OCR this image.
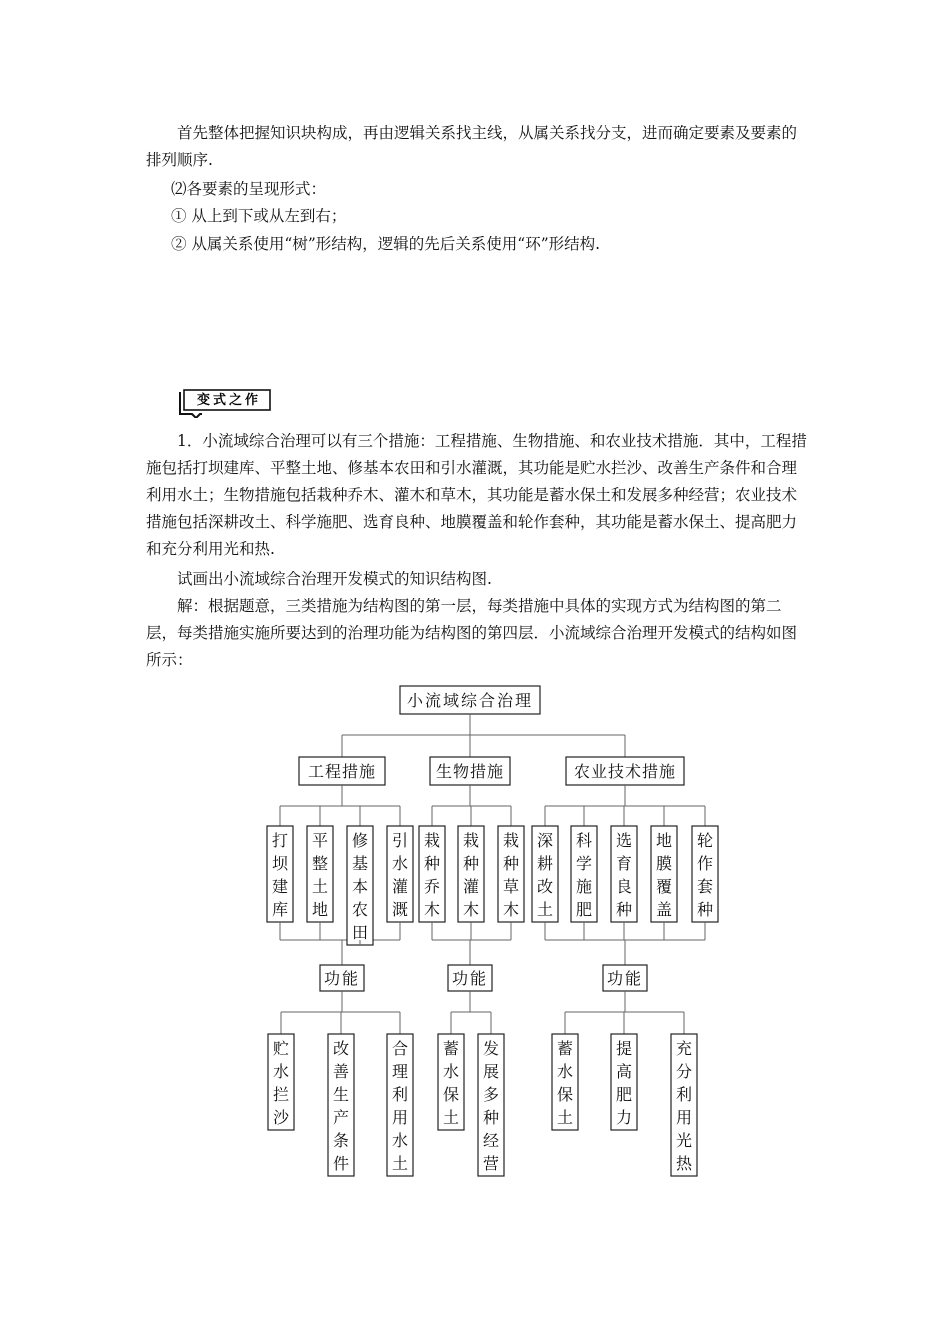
首先整体把握知识块构成，再由逻辑关系找主线，从属关系找分支，进而确定要素及要素的排列顺序.

⑵各要素的呈现形式：

① 从上到下或从左到右；

② 从属关系使用“树”形结构，逻辑的先后关系使用“环”形结构.

变式之作

1．小流域综合治理可以有三个措施：工程措施、生物措施、和农业技术措施．其中，工程措施包括打坝建库、平整土地、修基本农田和引水灌溉，其功能是贮水拦沙、改善生产条件和合理利用水土；生物措施包括栽种乔木、灌木和草木，其功能是蓄水保土和发展多种经营；农业技术措施包括深耕改土、科学施肥、选育良种、地膜覆盖和轮作套种，其功能是蓄水保土、提高肥力和充分利用光和热.

试画出小流域综合治理开发模式的知识结构图.

解：根据题意，三类措施为结构图的第一层，每类措施中具体的实现方式为结构图的第二层，每类措施实施所要达到的治理功能为结构图的第四层．小流域综合治理开发模式的结构如图所示：

小流域综合治理
工程措施
打
坝
建
库
平
整
土
地
修
基
本
农
田
引
水
灌
溉
功能
贮
水
拦
沙
改
善
生
产
条
件
合
理
利
用
水
土
生物措施
栽
种
乔
木
栽
种
灌
木
栽
种
草
木
功能
蓄
水
保
土
发
展
多
种
经
营
农业技术措施
深
耕
改
土
科
学
施
肥
选
育
良
种
地
膜
覆
盖
轮
作
套
种
功能
蓄
水
保
土
提
高
肥
力
充
分
利
用
光
热
